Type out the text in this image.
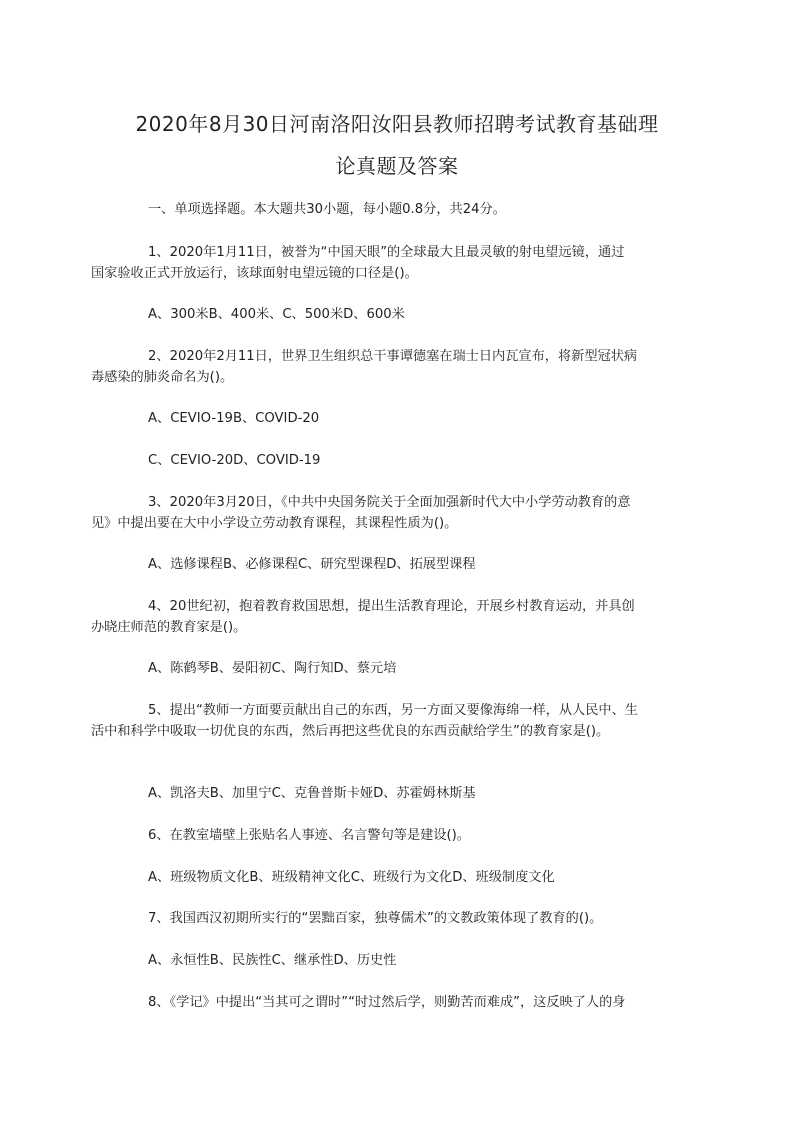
2020年8月30日河南洛阳汝阳县教师招聘考试教育基础理
论真题及答案
一、单项选择题。本大题共30小题，每小题0.8分，共24分。
1、2020年1月11日，被誉为“中国天眼”的全球最大且最灵敏的射电望远镜，通过
国家验收正式开放运行，该球面射电望远镜的口径是()。
A、300米B、400米、C、500米D、600米
2、2020年2月11日，世界卫生组织总干事谭德塞在瑞士日内瓦宣布，将新型冠状病
毒感染的肺炎命名为()。
A、CEVIO-19B、COVID-20
C、CEVIO-20D、COVID-19
3、2020年3月20日，《中共中央国务院关于全面加强新时代大中小学劳动教育的意
见》中提出要在大中小学设立劳动教育课程，其课程性质为()。
A、选修课程B、必修课程C、研究型课程D、拓展型课程
4、20世纪初，抱着教育救国思想，提出生活教育理论，开展乡村教育运动，并具创
办晓庄师范的教育家是()。
A、陈鹤琴B、晏阳初C、陶行知D、蔡元培
5、提出“教师一方面要贡献出自己的东西，另一方面又要像海绵一样，从人民中、生
活中和科学中吸取一切优良的东西，然后再把这些优良的东西贡献给学生”的教育家是()。
A、凯洛夫B、加里宁C、克鲁普斯卡娅D、苏霍姆林斯基
6、在教室墙壁上张贴名人事迹、名言警句等是建设()。
A、班级物质文化B、班级精神文化C、班级行为文化D、班级制度文化
7、我国西汉初期所实行的“罢黜百家，独尊儒术”的文教政策体现了教育的()。
A、永恒性B、民族性C、继承性D、历史性
8、《学记》中提出“当其可之谓时”“时过然后学，则勤苦而难成”，这反映了人的身
